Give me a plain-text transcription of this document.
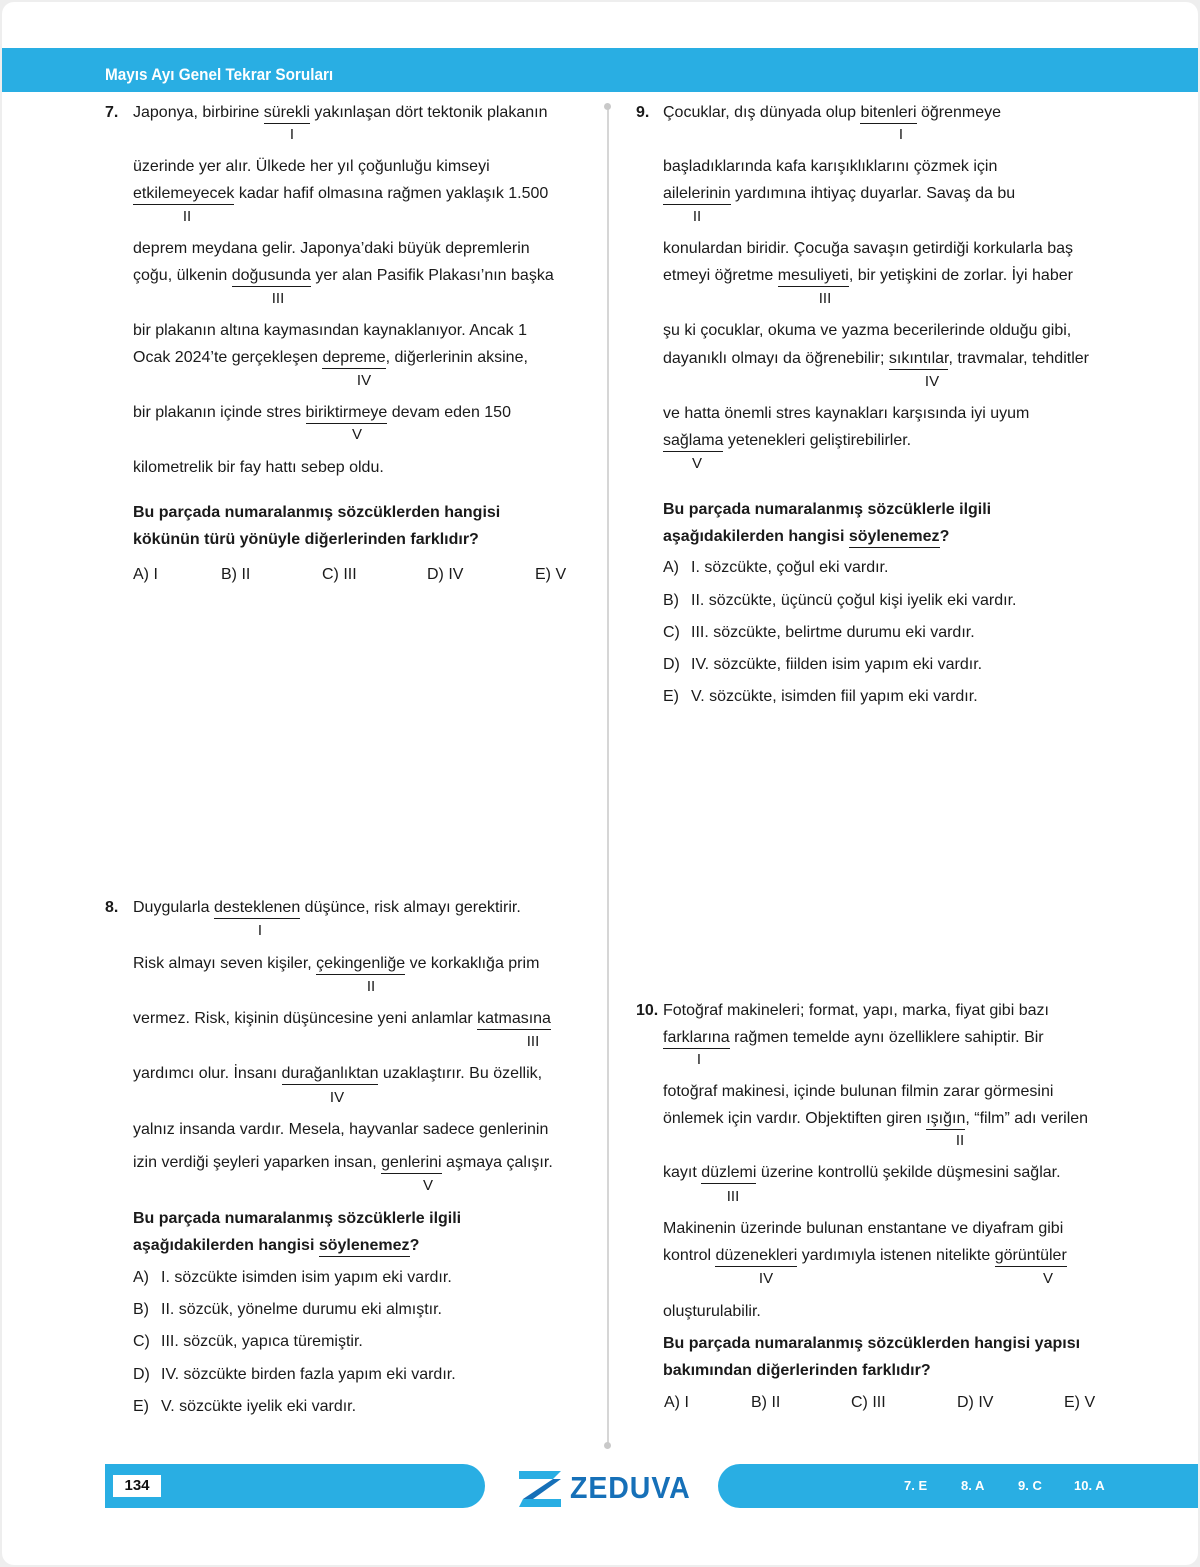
Mayıs Ayı Genel Tekrar Soruları
7. Japonya, birbirine sürekli yakınlaşan dört tektonik plakanın
I
üzerinde yer alır. Ülkede her yıl çoğunluğu kimseyi
etkilemeyecek kadar hafif olmasına rağmen yaklaşık 1.500
II
deprem meydana gelir. Japonya’daki büyük depremlerin
çoğu, ülkenin doğusunda yer alan Pasifik Plakası’nın başka
III
bir plakanın altına kaymasından kaynaklanıyor. Ancak 1
Ocak 2024’te gerçekleşen depreme, diğerlerinin aksine,
IV
bir plakanın içinde stres biriktirmeye devam eden 150
V
kilometrelik bir fay hattı sebep oldu.
Bu parçada numaralanmış sözcüklerden hangisi
kökünün türü yönüyle diğerlerinden farklıdır?
A) I	B) II	C) III	D) IV	E) V
8. Duygularla desteklenen düşünce, risk almayı gerektirir.
I
Risk almayı seven kişiler, çekingenliğe ve korkaklığa prim
II
vermez. Risk, kişinin düşüncesine yeni anlamlar katmasına
III
yardımcı olur. İnsanı durağanlıktan uzaklaştırır. Bu özellik,
IV
yalnız insanda vardır. Mesela, hayvanlar sadece genlerinin
izin verdiği şeyleri yaparken insan, genlerini aşmaya çalışır.
V
Bu parçada numaralanmış sözcüklerle ilgili
aşağıdakilerden hangisi söylenemez?
A) I. sözcükte isimden isim yapım eki vardır.
B) II. sözcük, yönelme durumu eki almıştır.
C) III. sözcük, yapıca türemiştir.
D) IV. sözcükte birden fazla yapım eki vardır.
E) V. sözcükte iyelik eki vardır.
9. Çocuklar, dış dünyada olup bitenleri öğrenmeye
I
başladıklarında kafa karışıklıklarını çözmek için
ailelerinin yardımına ihtiyaç duyarlar. Savaş da bu
II
konulardan biridir. Çocuğa savaşın getirdiği korkularla baş
etmeyi öğretme mesuliyeti, bir yetişkini de zorlar. İyi haber
III
şu ki çocuklar, okuma ve yazma becerilerinde olduğu gibi,
dayanıklı olmayı da öğrenebilir; sıkıntılar, travmalar, tehditler
IV
ve hatta önemli stres kaynakları karşısında iyi uyum
sağlama yetenekleri geliştirebilirler.
V
Bu parçada numaralanmış sözcüklerle ilgili
aşağıdakilerden hangisi söylenemez?
A) I. sözcükte, çoğul eki vardır.
B) II. sözcükte, üçüncü çoğul kişi iyelik eki vardır.
C) III. sözcükte, belirtme durumu eki vardır.
D) IV. sözcükte, fiilden isim yapım eki vardır.
E) V. sözcükte, isimden fiil yapım eki vardır.
10. Fotoğraf makineleri; format, yapı, marka, fiyat gibi bazı
farklarına rağmen temelde aynı özelliklere sahiptir. Bir
I
fotoğraf makinesi, içinde bulunan filmin zarar görmesini
önlemek için vardır. Objektiften giren ışığın, “film” adı verilen
II
kayıt düzlemi üzerine kontrollü şekilde düşmesini sağlar.
III
Makinenin üzerinde bulunan enstantane ve diyafram gibi
kontrol düzenekleri yardımıyla istenen nitelikte görüntüler
IV	V
oluşturulabilir.
Bu parçada numaralanmış sözcüklerden hangisi yapısı
bakımından diğerlerinden farklıdır?
A) I	B) II	C) III	D) IV	E) V
134	ZEDUVA	7. E	8. A	9. C 10. A
